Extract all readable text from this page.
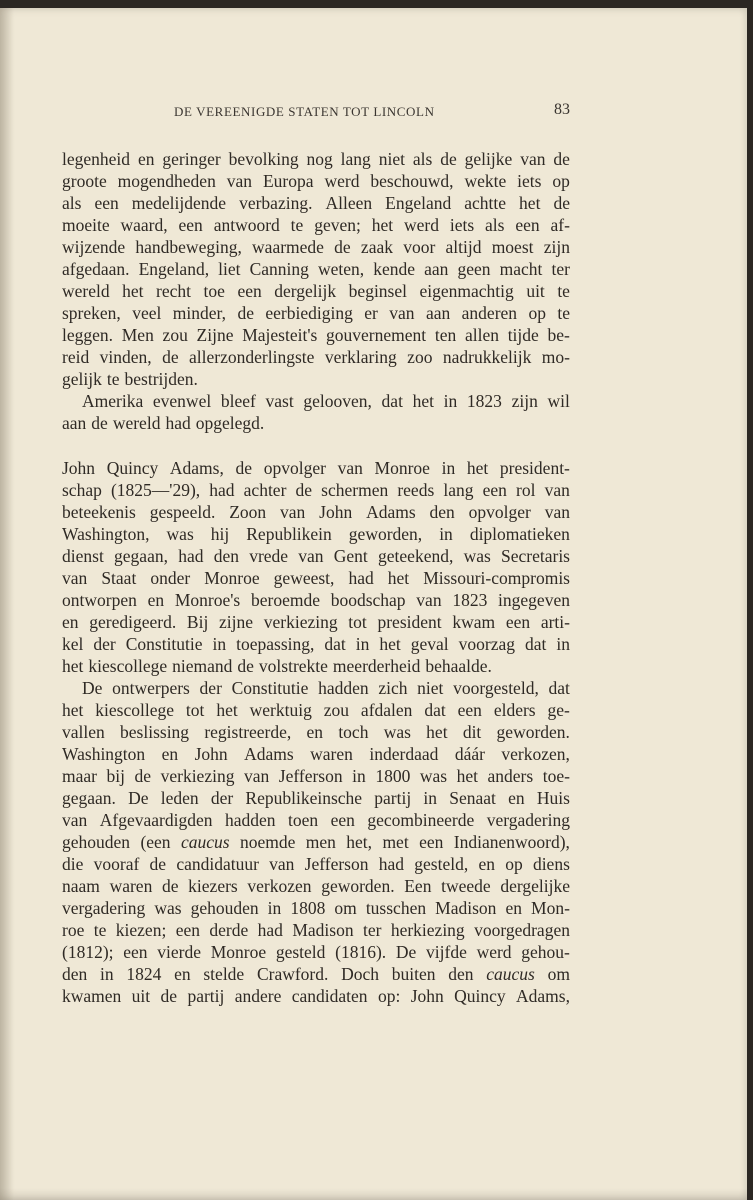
DE VEREENIGDE STATEN TOT LINCOLN	83
legenheid en geringer bevolking nog lang niet als de gelijke van de
groote mogendheden van Europa werd beschouwd, wekte iets op
als een medelijdende verbazing. Alleen Engeland achtte het de
moeite waard, een antwoord te geven; het werd iets als een af-
wijzende handbeweging, waarmede de zaak voor altijd moest zijn
afgedaan. Engeland, liet Canning weten, kende aan geen macht ter
wereld het recht toe een dergelijk beginsel eigenmachtig uit te
spreken, veel minder, de eerbiediging er van aan anderen op te
leggen. Men zou Zijne Majesteit's gouvernement ten allen tijde be-
reid vinden, de allerzonderlingste verklaring zoo nadrukkelijk mo-
gelijk te bestrijden.
Amerika evenwel bleef vast gelooven, dat het in 1823 zijn wil
aan de wereld had opgelegd.
John Quincy Adams, de opvolger van Monroe in het president-
schap (1825—'29), had achter de schermen reeds lang een rol van
beteekenis gespeeld. Zoon van John Adams den opvolger van
Washington, was hij Republikein geworden, in diplomatieken
dienst gegaan, had den vrede van Gent geteekend, was Secretaris
van Staat onder Monroe geweest, had het Missouri-compromis
ontworpen en Monroe's beroemde boodschap van 1823 ingegeven
en geredigeerd. Bij zijne verkiezing tot president kwam een arti-
kel der Constitutie in toepassing, dat in het geval voorzag dat in
het kiescollege niemand de volstrekte meerderheid behaalde.
De ontwerpers der Constitutie hadden zich niet voorgesteld, dat
het kiescollege tot het werktuig zou afdalen dat een elders ge-
vallen beslissing registreerde, en toch was het dit geworden.
Washington en John Adams waren inderdaad dáár verkozen,
maar bij de verkiezing van Jefferson in 1800 was het anders toe-
gegaan. De leden der Republikeinsche partij in Senaat en Huis
van Afgevaardigden hadden toen een gecombineerde vergadering
gehouden (een caucus noemde men het, met een Indianenwoord),
die vooraf de candidatuur van Jefferson had gesteld, en op diens
naam waren de kiezers verkozen geworden. Een tweede dergelijke
vergadering was gehouden in 1808 om tusschen Madison en Mon-
roe te kiezen; een derde had Madison ter herkiezing voorgedragen
(1812); een vierde Monroe gesteld (1816). De vijfde werd gehou-
den in 1824 en stelde Crawford. Doch buiten den caucus om
kwamen uit de partij andere candidaten op: John Quincy Adams,
